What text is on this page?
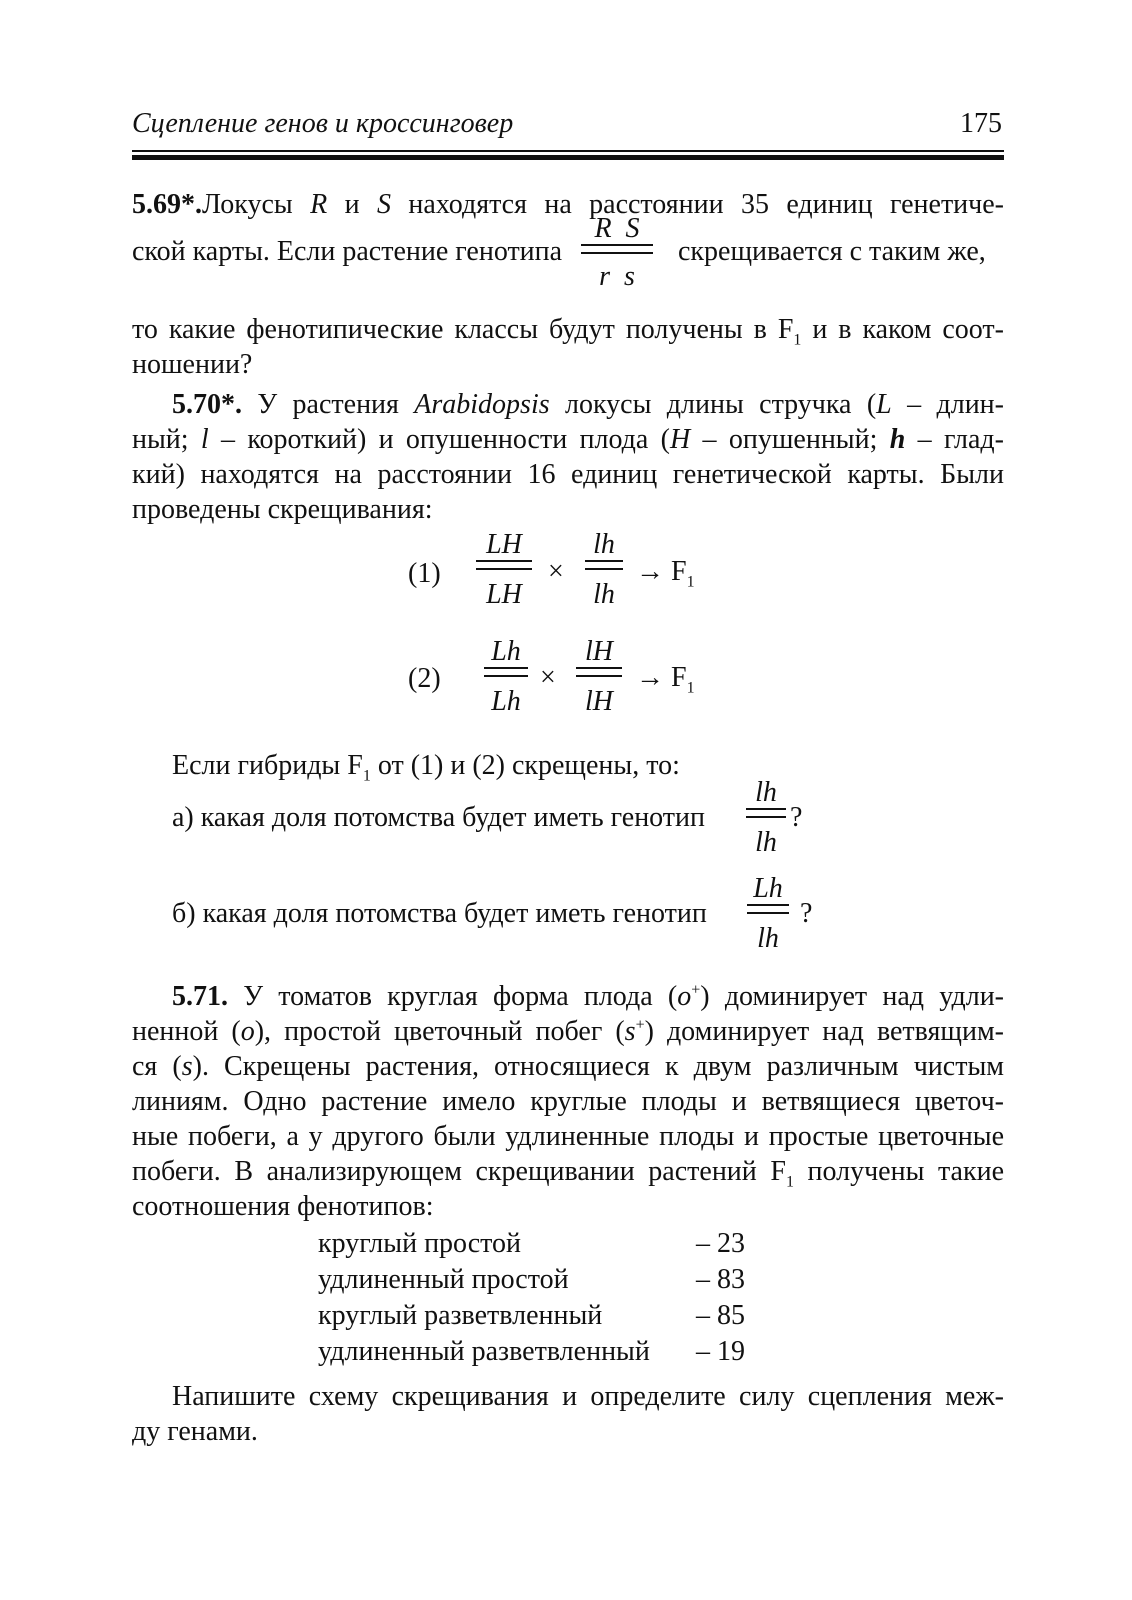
Сцепление генов и кроссинговер	175
5.69*.Локусы R и S находятся на расстоянии 35 единиц генетиче-
ской карты. Если растение генотипа
R  S
r  s
скрещивается с таким же,
то какие фенотипические классы будут получены в $F_1$ и в каком соот-
ношении?
5.70*. У растения Arabidopsis локусы длины стручка (L – длин-
ный; l – короткий) и опушенности плода (H – опушенный; h – глад-
кий) находятся на расстоянии 16 единиц генетической карты. Были
проведены скрещивания:
(1)
LH
LH
×
lh
lh
→ $F_1$
(2)
Lh
Lh
×
lH
lH
→ $F_1$
Если гибриды $F_1$ от (1) и (2) скрещены, то:
а) какая доля потомства будет иметь генотип
lh
lh
?
б) какая доля потомства будет иметь генотип
Lh
lh
?
5.71. У томатов круглая форма плода (o+) доминирует над удли-
ненной (o), простой цветочный побег (s+) доминирует над ветвящим-
ся (s). Скрещены растения, относящиеся к двум различным чистым
линиям. Одно растение имело круглые плоды и ветвящиеся цветоч-
ные побеги, а у другого были удлиненные плоды и простые цветочные
побеги. В анализирующем скрещивании растений $F_1$ получены такие
соотношения фенотипов:
круглый простой	– 23
удлиненный простой	– 83
круглый разветвленный	– 85
удлиненный разветвленный – 19
Напишите схему скрещивания и определите силу сцепления меж-
ду генами.
